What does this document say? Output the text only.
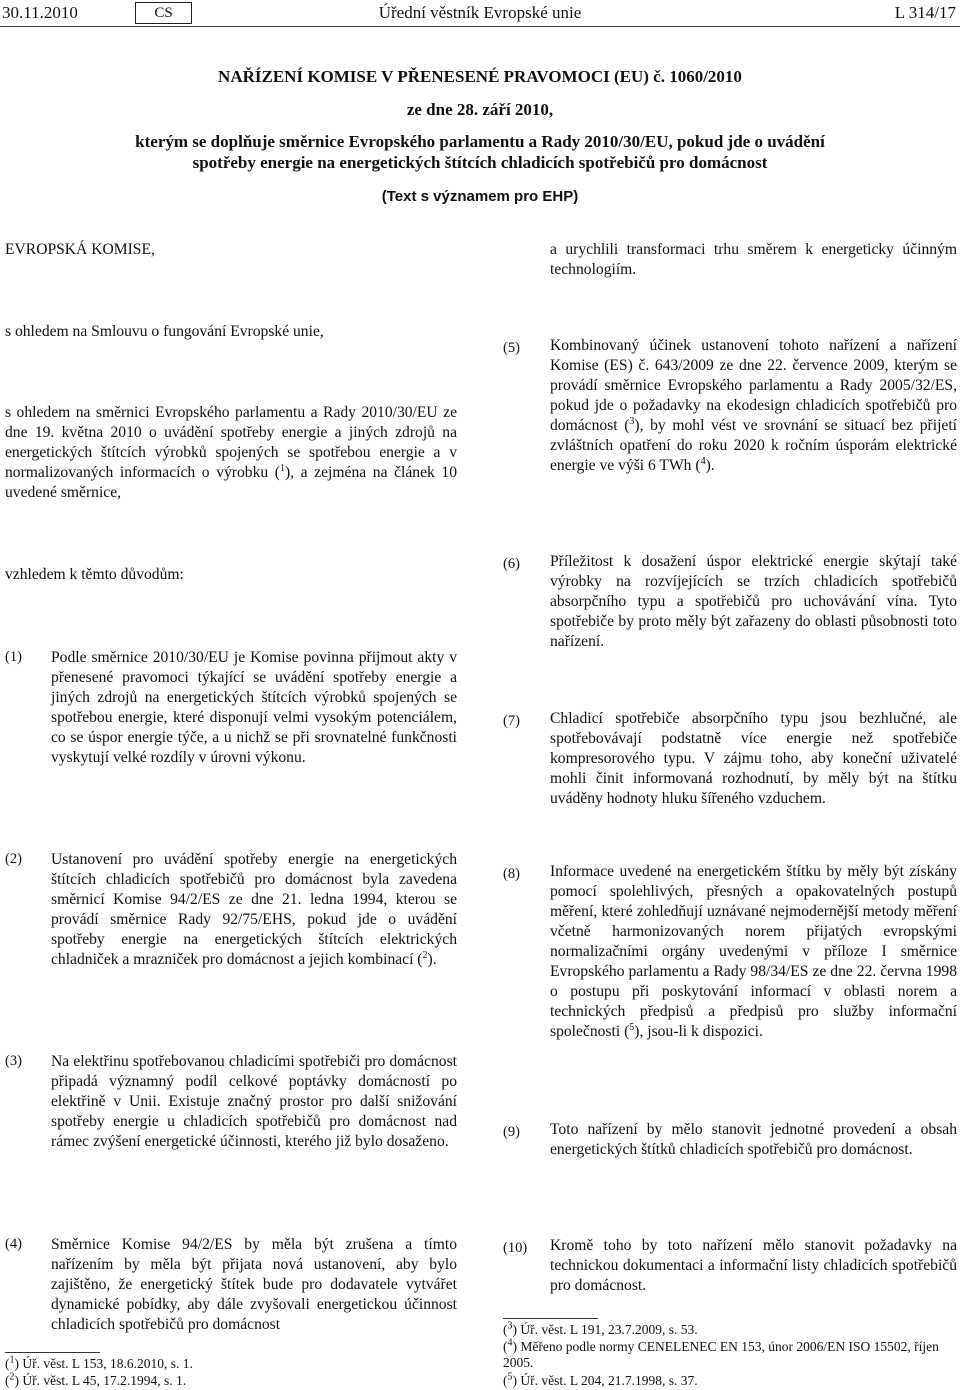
30.11.2010	CS	Úřední věstník Evropské unie	L 314/17
NAŘÍZENÍ KOMISE V PŘENESENÉ PRAVOMOCI (EU) č. 1060/2010
ze dne 28. září 2010,
kterým se doplňuje směrnice Evropského parlamentu a Rady 2010/30/EU, pokud jde o uvádění
spotřeby energie na energetických štítcích chladicích spotřebičů pro domácnost
(Text s významem pro EHP)
EVROPSKÁ KOMISE,
s ohledem na Smlouvu o fungování Evropské unie,
s ohledem na směrnici Evropského parlamentu a Rady 2010/30/EU ze dne 19. května 2010 o uvádění spotřeby energie a jiných zdrojů na energetických štítcích výrobků spojených se spotřebou energie a v normalizovaných informacích o výrobku ($^1$), a zejména na článek 10 uvedené směrnice,
vzhledem k těmto důvodům:
(1) Podle směrnice 2010/30/EU je Komise povinna přijmout akty v přenesené pravomoci týkající se uvádění spotřeby energie a jiných zdrojů na energetických štítcích výrobků spojených se spotřebou energie, které disponují velmi vysokým potenciálem, co se úspor energie týče, a u nichž se při srovnatelné funkčnosti vyskytují velké rozdíly v úrovni výkonu.
(2) Ustanovení pro uvádění spotřeby energie na energetických štítcích chladicích spotřebičů pro domácnost byla zavedena směrnicí Komise 94/2/ES ze dne 21. ledna 1994, kterou se provádí směrnice Rady 92/75/EHS, pokud jde o uvádění spotřeby energie na energetických štítcích elektrických chladniček a mrazniček pro domácnost a jejich kombinací ($^2$).
(3) Na elektřinu spotřebovanou chladicími spotřebiči pro domácnost připadá významný podíl celkové poptávky domácností po elektřině v Unii. Existuje značný prostor pro další snižování spotřeby energie u chladicích spotřebičů pro domácnost nad rámec zvýšení energetické účinnosti, kterého již bylo dosaženo.
(4) Směrnice Komise 94/2/ES by měla být zrušena a tímto nařízením by měla být přijata nová ustanovení, aby bylo zajištěno, že energetický štítek bude pro dodavatele vytvářet dynamické pobídky, aby dále zvyšovali energetickou účinnost chladicích spotřebičů pro domácnost
($^1$) Úř. věst. L 153, 18.6.2010, s. 1.
($^2$) Úř. věst. L 45, 17.2.1994, s. 1.
a urychlili transformaci trhu směrem k energeticky účinným technologiím.
(5) Kombinovaný účinek ustanovení tohoto nařízení a nařízení Komise (ES) č. 643/2009 ze dne 22. července 2009, kterým se provádí směrnice Evropského parlamentu a Rady 2005/32/ES, pokud jde o požadavky na ekodesign chladicích spotřebičů pro domácnost ($^3$), by mohl vést ve srovnání se situací bez přijetí zvláštních opatření do roku 2020 k ročním úsporám elektrické energie ve výši 6 TWh ($^4$).
(6) Příležitost k dosažení úspor elektrické energie skýtají také výrobky na rozvíjejících se trzích chladicích spotřebičů absorpčního typu a spotřebičů pro uchovávání vína. Tyto spotřebiče by proto měly být zařazeny do oblasti působnosti toto nařízení.
(7) Chladicí spotřebiče absorpčního typu jsou bezhlučné, ale spotřebovávají podstatně více energie než spotřebiče kompresorového typu. V zájmu toho, aby koneční uživatelé mohli činit informovaná rozhodnutí, by měly být na štítku uváděny hodnoty hluku šířeného vzduchem.
(8) Informace uvedené na energetickém štítku by měly být získány pomocí spolehlivých, přesných a opakovatelných postupů měření, které zohledňují uznávané nejmodernější metody měření včetně harmonizovaných norem přijatých evropskými normalizačními orgány uvedenými v příloze I směrnice Evropského parlamentu a Rady 98/34/ES ze dne 22. června 1998 o postupu při poskytování informací v oblasti norem a technických předpisů a předpisů pro služby informační společnosti ($^5$), jsou-li k dispozici.
(9) Toto nařízení by mělo stanovit jednotné provedení a obsah energetických štítků chladicích spotřebičů pro domácnost.
(10) Kromě toho by toto nařízení mělo stanovit požadavky na technickou dokumentaci a informační listy chladicích spotřebičů pro domácnost.
($^3$) Úř. věst. L 191, 23.7.2009, s. 53.
($^4$) Měřeno podle normy CENELENEC EN 153, únor 2006/EN ISO 15502, říjen 2005.
($^5$) Úř. věst. L 204, 21.7.1998, s. 37.
